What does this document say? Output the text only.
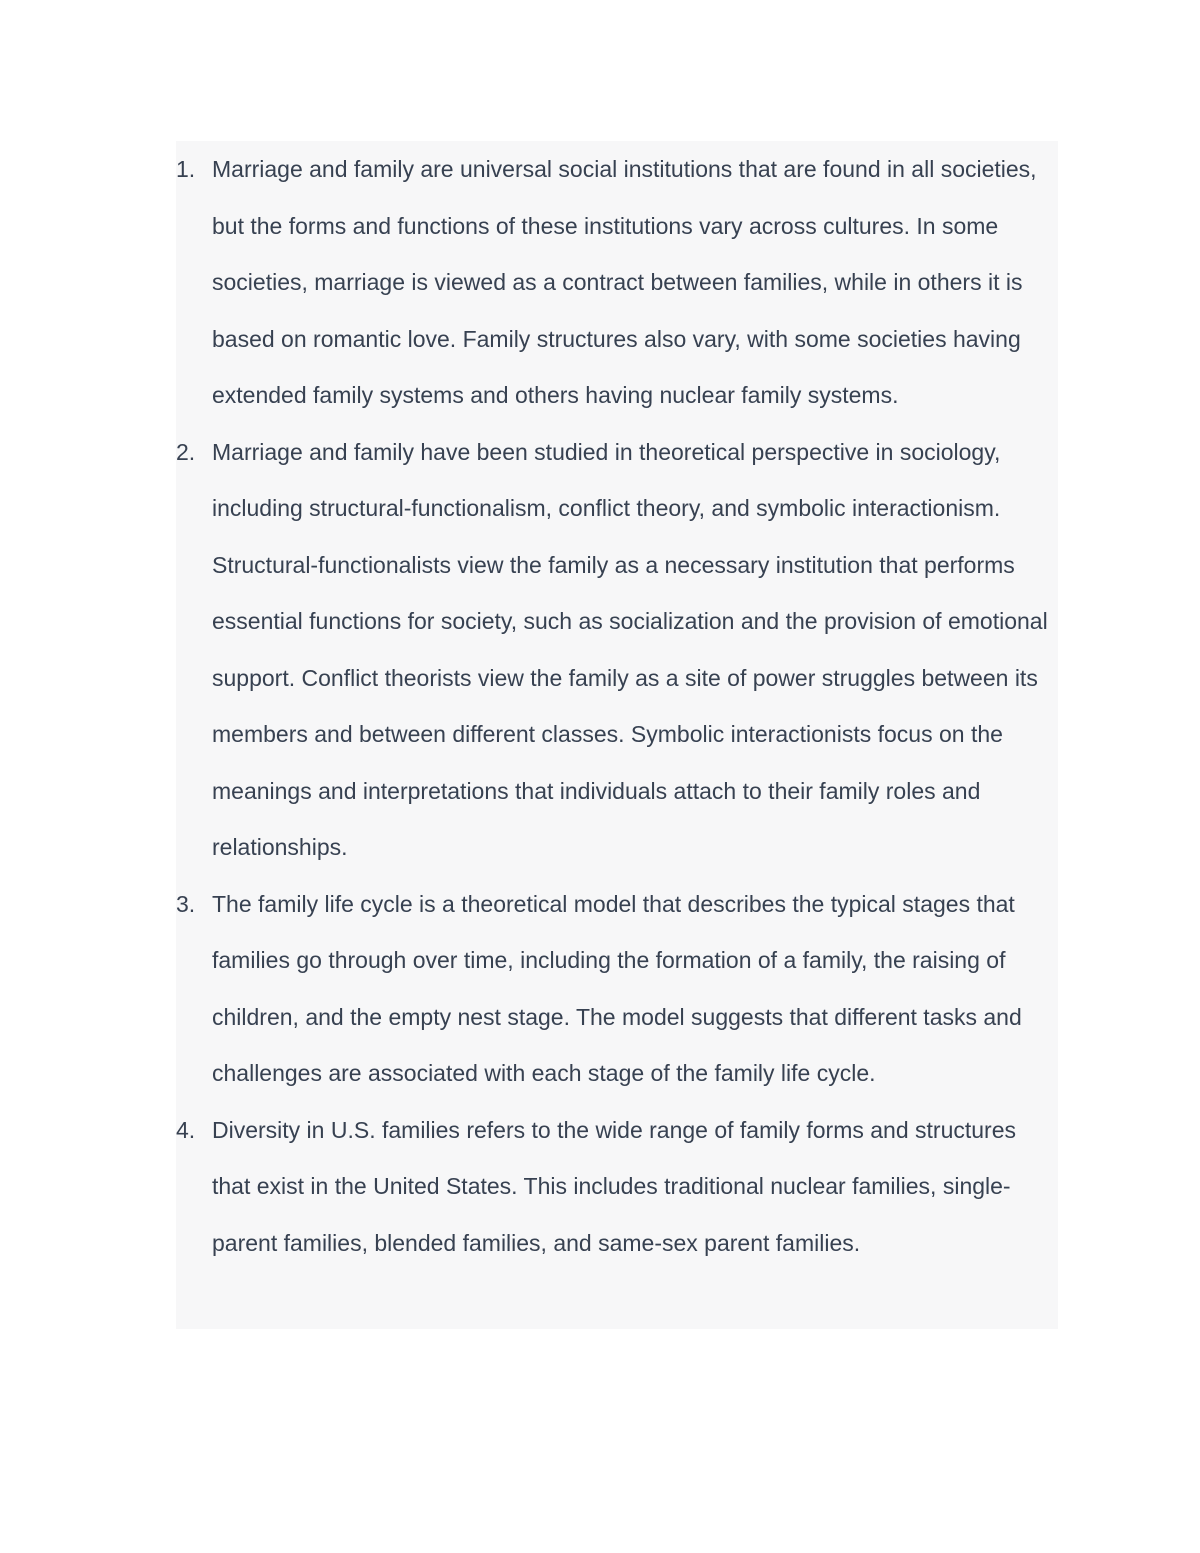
1. Marriage and family are universal social institutions that are found in all societies, but the forms and functions of these institutions vary across cultures. In some societies, marriage is viewed as a contract between families, while in others it is based on romantic love. Family structures also vary, with some societies having extended family systems and others having nuclear family systems.
2. Marriage and family have been studied in theoretical perspective in sociology, including structural-functionalism, conflict theory, and symbolic interactionism. Structural-functionalists view the family as a necessary institution that performs essential functions for society, such as socialization and the provision of emotional support. Conflict theorists view the family as a site of power struggles between its members and between different classes. Symbolic interactionists focus on the meanings and interpretations that individuals attach to their family roles and relationships.
3. The family life cycle is a theoretical model that describes the typical stages that families go through over time, including the formation of a family, the raising of children, and the empty nest stage. The model suggests that different tasks and challenges are associated with each stage of the family life cycle.
4. Diversity in U.S. families refers to the wide range of family forms and structures that exist in the United States. This includes traditional nuclear families, single-parent families, blended families, and same-sex parent families.
